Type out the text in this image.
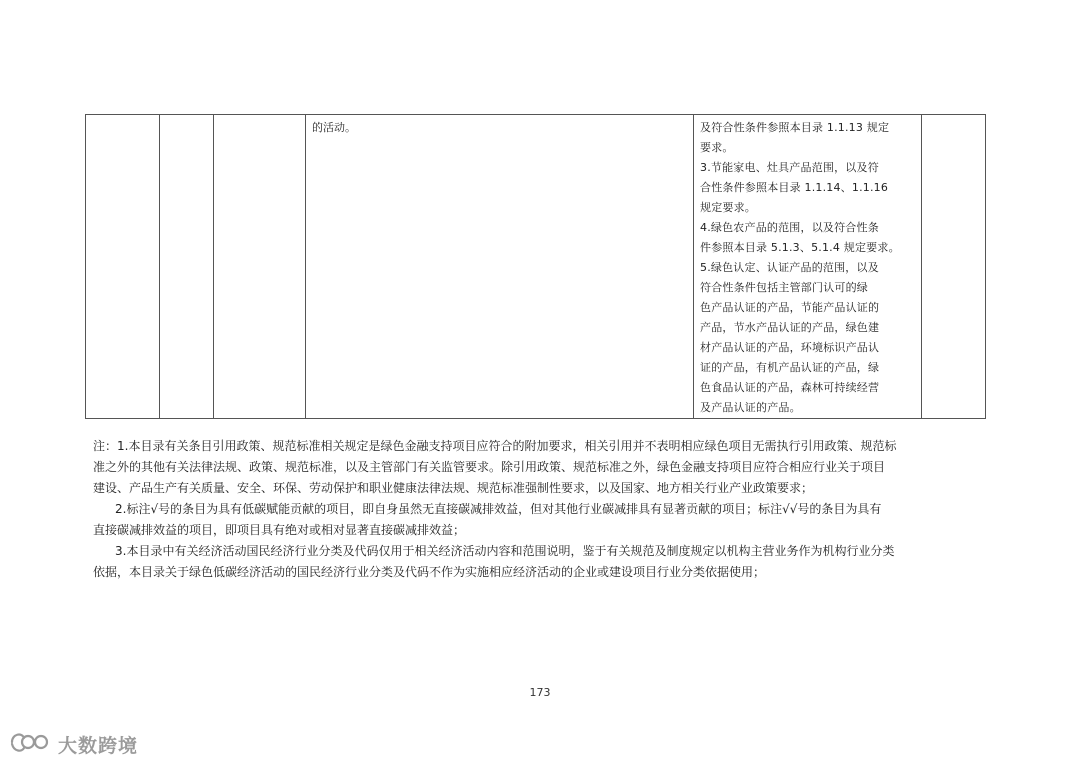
的活动。	及符合性条件参照本目录 1.1.13 规定
要求。
3.节能家电、灶具产品范围，以及符
合性条件参照本目录 1.1.14、1.1.16
规定要求。
4.绿色农产品的范围，以及符合性条
件参照本目录 5.1.3、5.1.4 规定要求。
5.绿色认定、认证产品的范围，以及
符合性条件包括主管部门认可的绿
色产品认证的产品，节能产品认证的
产品，节水产品认证的产品，绿色建
材产品认证的产品，环境标识产品认
证的产品，有机产品认证的产品，绿
色食品认证的产品，森林可持续经营
及产品认证的产品。

注：1.本目录有关条目引用政策、规范标准相关规定是绿色金融支持项目应符合的附加要求，相关引用并不表明相应绿色项目无需执行引用政策、规范标
准之外的其他有关法律法规、政策、规范标准，以及主管部门有关监管要求。除引用政策、规范标准之外，绿色金融支持项目应符合相应行业关于项目
建设、产品生产有关质量、安全、环保、劳动保护和职业健康法律法规、规范标准强制性要求，以及国家、地方相关行业产业政策要求；
2.标注√号的条目为具有低碳赋能贡献的项目，即自身虽然无直接碳减排效益，但对其他行业碳减排具有显著贡献的项目；标注√√号的条目为具有
直接碳减排效益的项目，即项目具有绝对或相对显著直接碳减排效益；
3.本目录中有关经济活动国民经济行业分类及代码仅用于相关经济活动内容和范围说明，鉴于有关规范及制度规定以机构主营业务作为机构行业分类
依据，本目录关于绿色低碳经济活动的国民经济行业分类及代码不作为实施相应经济活动的企业或建设项目行业分类依据使用；
173
大数跨境
